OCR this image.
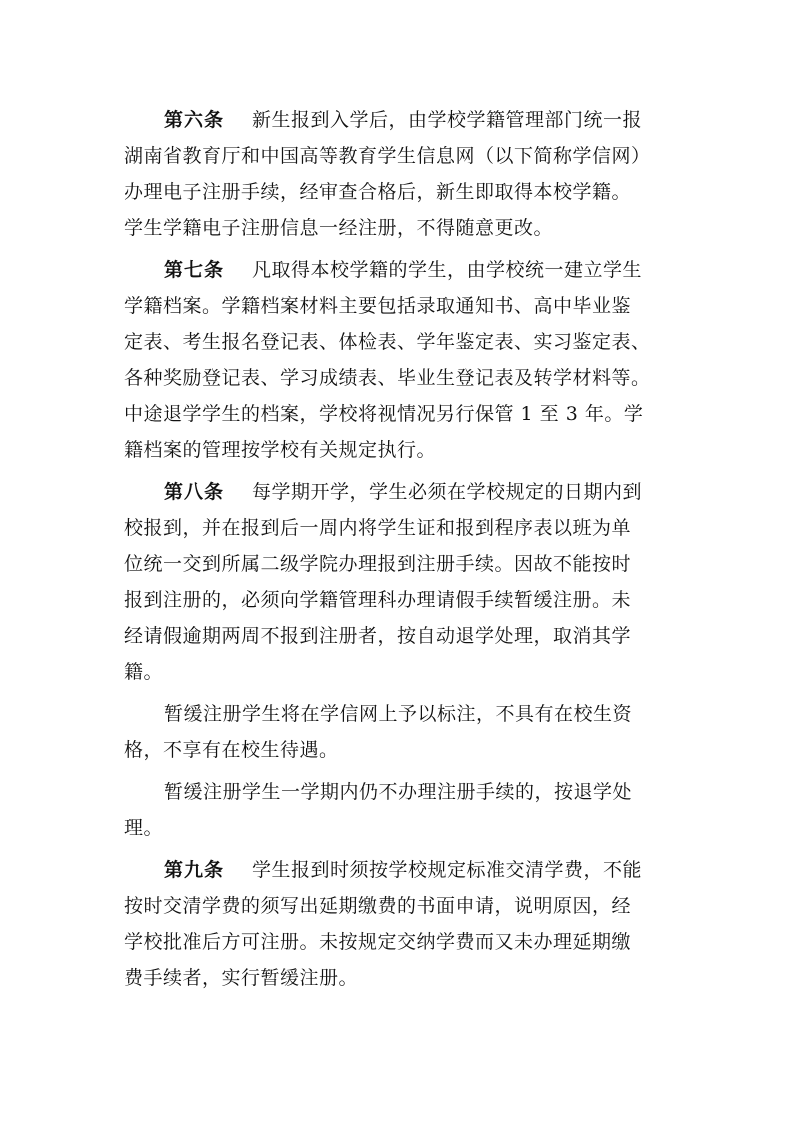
第六条 新生报到入学后，由学校学籍管理部门统一报
湖南省教育厅和中国高等教育学生信息网（以下简称学信网）
办理电子注册手续，经审查合格后，新生即取得本校学籍。
学生学籍电子注册信息一经注册，不得随意更改。
第七条 凡取得本校学籍的学生，由学校统一建立学生
学籍档案。学籍档案材料主要包括录取通知书、高中毕业鉴
定表、考生报名登记表、体检表、学年鉴定表、实习鉴定表、
各种奖励登记表、学习成绩表、毕业生登记表及转学材料等。
中途退学学生的档案，学校将视情况另行保管 1 至 3 年。学
籍档案的管理按学校有关规定执行。
第八条 每学期开学，学生必须在学校规定的日期内到
校报到，并在报到后一周内将学生证和报到程序表以班为单
位统一交到所属二级学院办理报到注册手续。因故不能按时
报到注册的，必须向学籍管理科办理请假手续暂缓注册。未
经请假逾期两周不报到注册者，按自动退学处理，取消其学
籍。
暂缓注册学生将在学信网上予以标注，不具有在校生资
格，不享有在校生待遇。
暂缓注册学生一学期内仍不办理注册手续的，按退学处
理。
第九条 学生报到时须按学校规定标准交清学费，不能
按时交清学费的须写出延期缴费的书面申请，说明原因，经
学校批准后方可注册。未按规定交纳学费而又未办理延期缴
费手续者，实行暂缓注册。
